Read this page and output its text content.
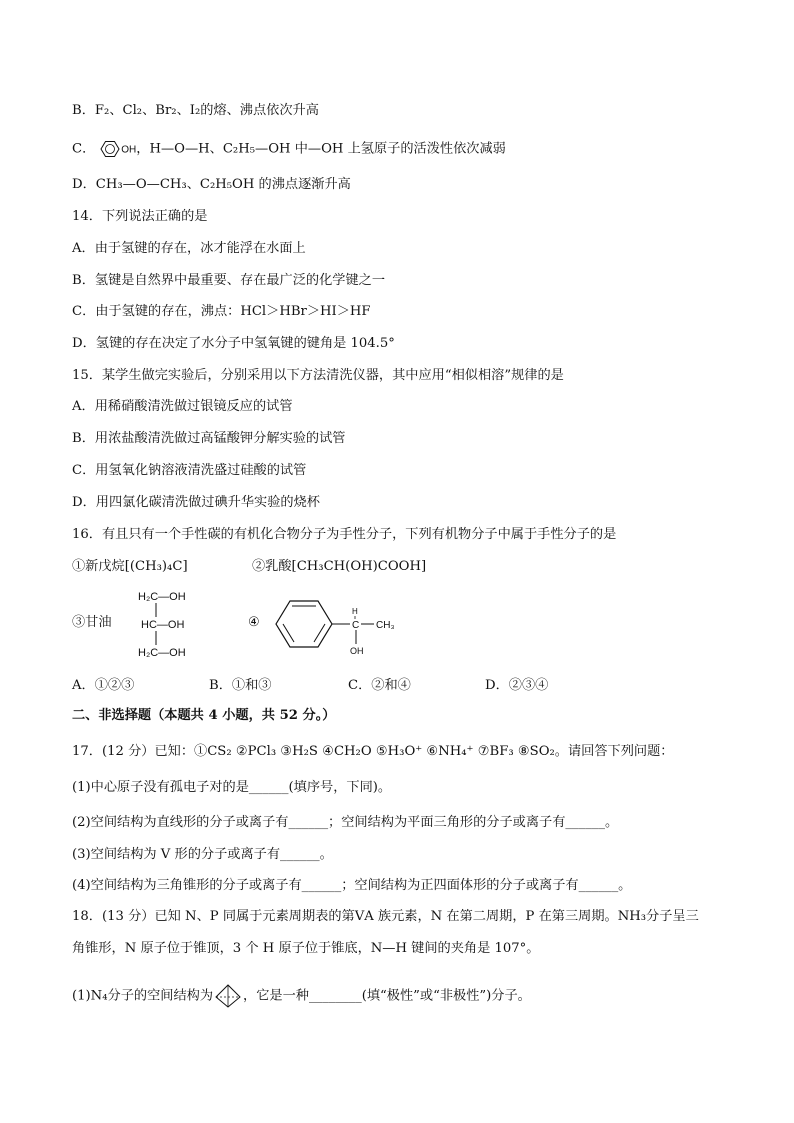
B．F₂、Cl₂、Br₂、I₂的熔、沸点依次升高
C．	OH，H—O—H、C₂H₅—OH 中—OH 上氢原子的活泼性依次减弱
D．CH₃—O—CH₃、C₂H₅OH 的沸点逐渐升高
14．下列说法正确的是
A．由于氢键的存在，冰才能浮在水面上
B．氢键是自然界中最重要、存在最广泛的化学键之一
C．由于氢键的存在，沸点：HCl＞HBr＞HI＞HF
D．氢键的存在决定了水分子中氢氧键的键角是 104.5°
15．某学生做完实验后，分别采用以下方法清洗仪器，其中应用“相似相溶”规律的是
A．用稀硝酸清洗做过银镜反应的试管
B．用浓盐酸清洗做过高锰酸钾分解实验的试管
C．用氢氧化钠溶液清洗盛过硅酸的试管
D．用四氯化碳清洗做过碘升华实验的烧杯
16．有且只有一个手性碳的有机化合物分子为手性分子，下列有机物分子中属于手性分子的是
①新戊烷[(CH₃)₄C]	②乳酸[CH₃CH(OH)COOH]
③甘油
H₂C—OH
HC—OH
H₂C—OH
④
H
C CH₃
OH
A．①②③	B．①和③	C．②和④	D．②③④
二、非选择题（本题共 4 小题，共 52 分。）
17．(12 分）已知：①CS₂ ②PCl₃ ③H₂S ④CH₂O ⑤H₃O⁺ ⑥NH₄⁺ ⑦BF₃ ⑧SO₂。请回答下列问题：
(1)中心原子没有孤电子对的是______(填序号，下同)。
(2)空间结构为直线形的分子或离子有______；空间结构为平面三角形的分子或离子有______。
(3)空间结构为 V 形的分子或离子有______。
(4)空间结构为三角锥形的分子或离子有______；空间结构为正四面体形的分子或离子有______。
18．(13 分）已知 N、P 同属于元素周期表的第ⅤA 族元素，N 在第二周期，P 在第三周期。NH₃分子呈三
角锥形，N 原子位于锥顶，3 个 H 原子位于锥底，N—H 键间的夹角是 107°。
(1)N₄分子的空间结构为 ，它是一种________(填“极性”或“非极性”)分子。
